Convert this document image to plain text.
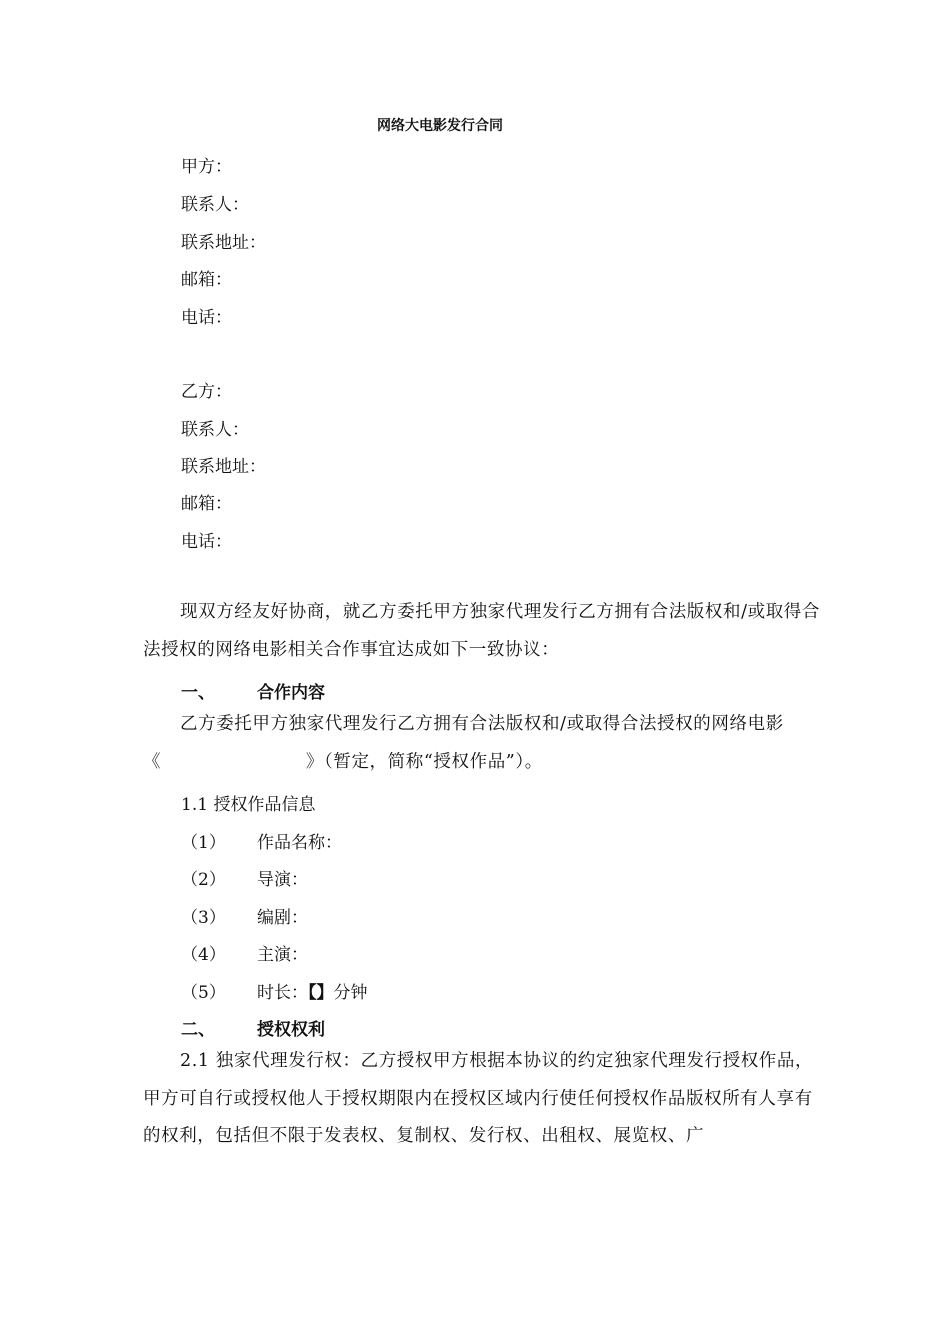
网络大电影发行合同
甲方：
联系人：
联系地址：
邮箱：
电话：
乙方：
联系人：
联系地址：
邮箱：
电话：
现双方经友好协商，就乙方委托甲方独家代理发行乙方拥有合法版权和/或取得合法授权的网络电影相关合作事宜达成如下一致协议：
一、 合作内容
乙方委托甲方独家代理发行乙方拥有合法版权和/或取得合法授权的网络电影《　　　　　　　　》（暂定，简称“授权作品”）。
1.1 授权作品信息
（1） 作品名称：
（2） 导演：
（3） 编剧：
（4） 主演：
（5） 时长：【】分钟
二、 授权权利
2.1 独家代理发行权：乙方授权甲方根据本协议的约定独家代理发行授权作品，甲方可自行或授权他人于授权期限内在授权区域内行使任何授权作品版权所有人享有的权利，包括但不限于发表权、复制权、发行权、出租权、展览权、广
